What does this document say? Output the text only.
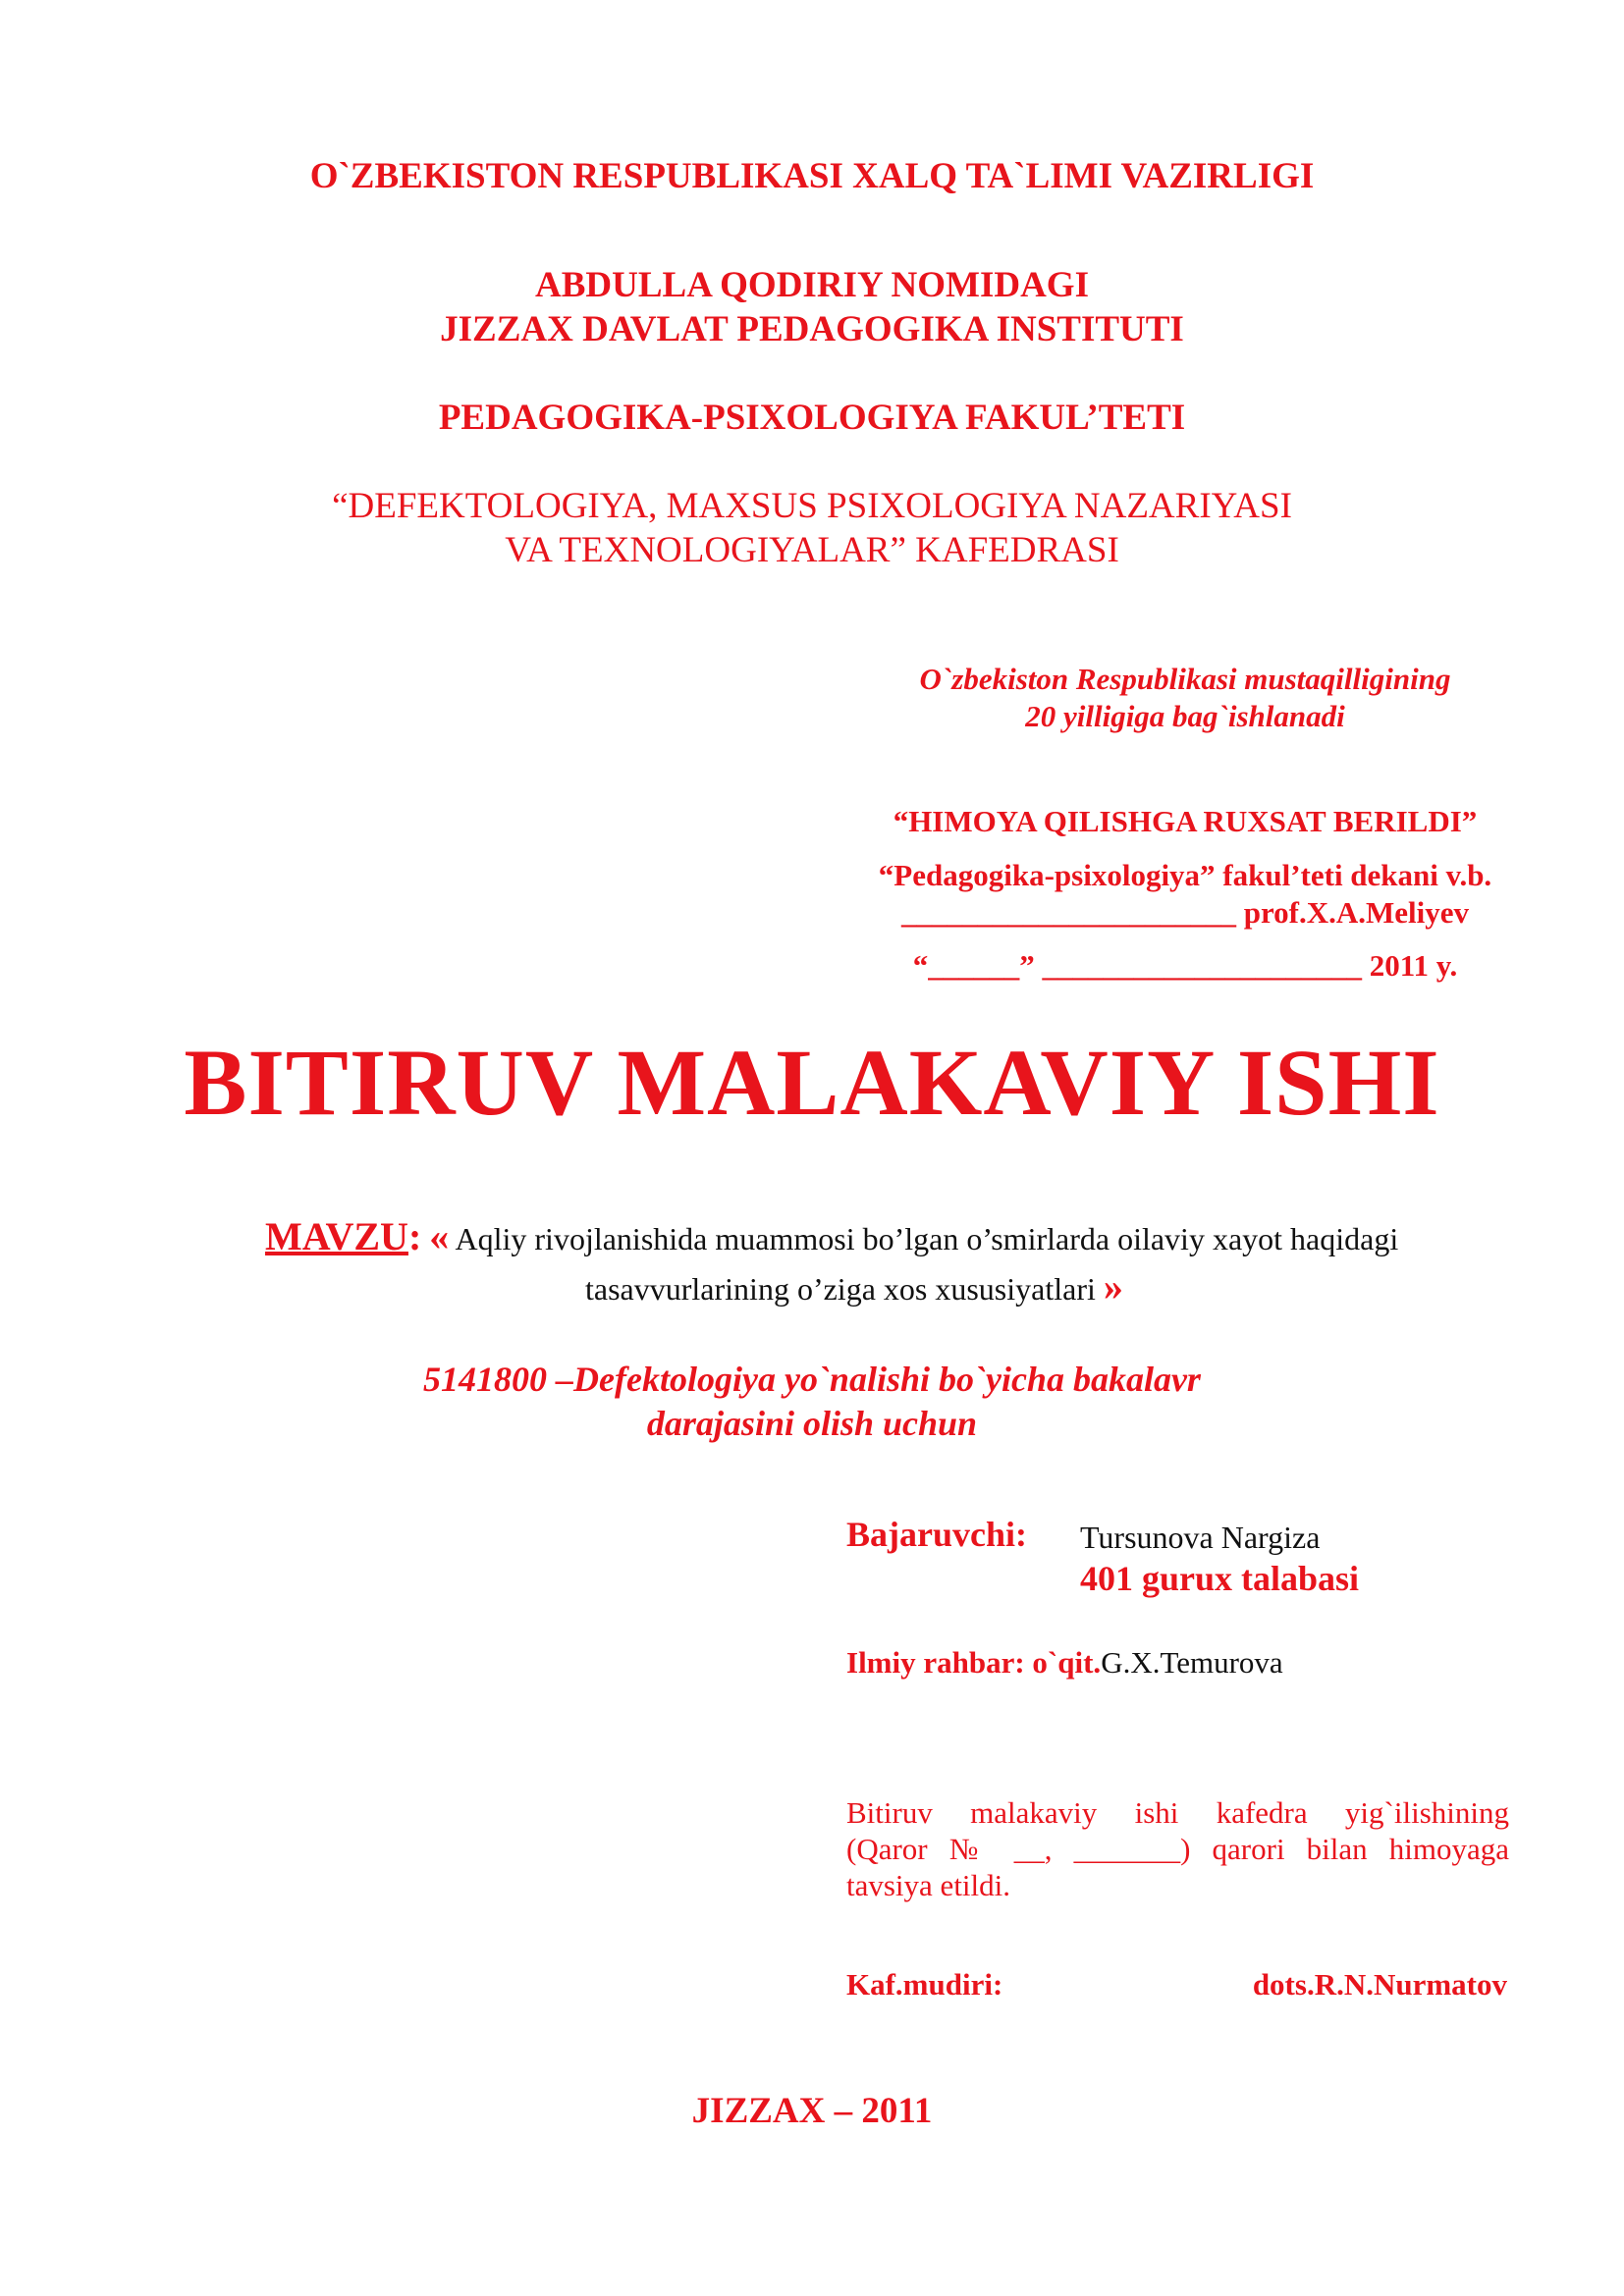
O`ZBEKISTON RESPUBLIKASI XALQ TA`LIMI VAZIRLIGI

ABDULLA QODIRIY NOMIDAGI

JIZZAX DAVLAT PEDAGOGIKA INSTITUTI

PEDAGOGIKA-PSIXOLOGIYA FAKUL’TETI

“DEFEKTOLOGIYA, MAXSUS PSIXOLOGIYA NAZARIYASI

VA TEXNOLOGIYALAR” KAFEDRASI

O`zbekiston Respublikasi mustaqilligining
20 yilligiga bag`ishlanadi
“HIMOYA QILISHGA RUXSAT BERILDI”
“Pedagogika-psixologiya” fakul’teti dekani v.b.
______________________ prof.X.A.Meliyev
“______” _____________________ 2011 y.

BITIRUV MALAKAVIY ISHI

MAVZU: « Aqliy rivojlanishida muammosi bo’lgan o’smirlarda oilaviy xayot haqidagi
tasavvurlarining o’ziga xos xususiyatlari »

5141800 –Defektologiya yo`nalishi bo`yicha bakalavr

darajasini olish uchun

Bajaruvchi: Tursunova Nargiza
401 gurux talabasi
Ilmiy rahbar: o`qit.G.X.Temurova
Bitiruv malakaviy ishi kafedra yig`ilishining
(Qaror № __, _______) qarori bilan himoyaga
tavsiya etildi.
Kaf.mudiri:	dots.R.N.Nurmatov

JIZZAX – 2011
